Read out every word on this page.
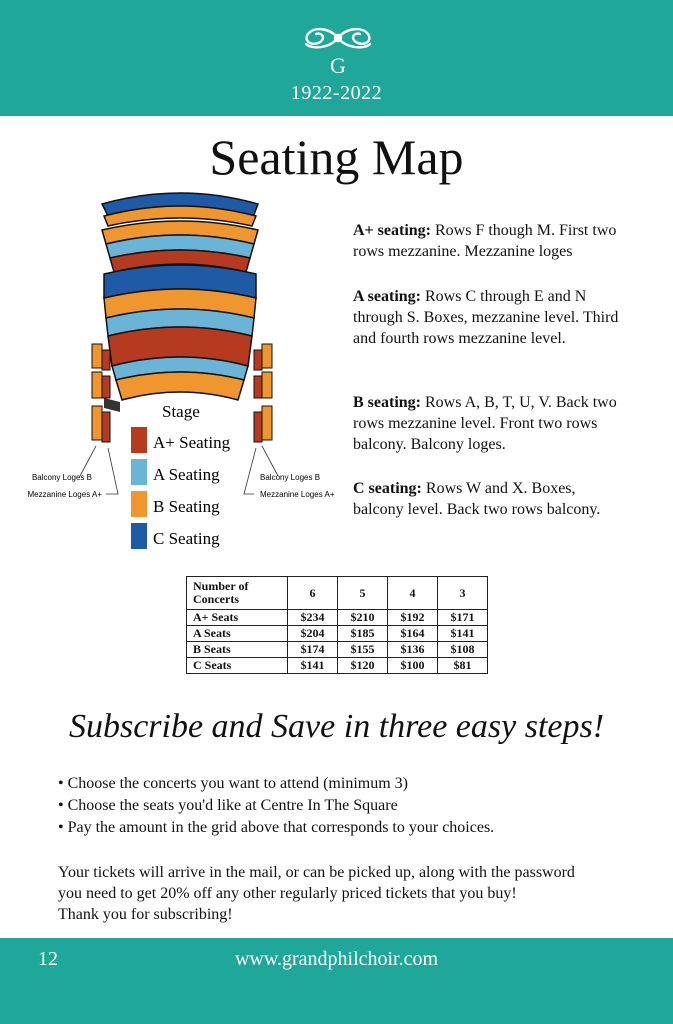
G
1922-2022
Seating Map
Balcony Loges B
Mezzanine Loges A+
Balcony Loges B
Mezzanine Loges A+
Stage
A+ Seating
A Seating
B Seating
C Seating
A+ seating: Rows F though M. First two rows mezzanine. Mezzanine loges
A seating: Rows C through E and N through S. Boxes, mezzanine level. Third and fourth rows mezzanine level.
B seating: Rows A, B, T, U, V. Back two rows mezzanine level. Front two rows balcony. Balcony loges.
C seating: Rows W and X. Boxes, balcony level. Back two rows balcony.
Number of
Concerts	6	5	4	3
A+ Seats	$234	$210	$192	$171
A Seats	$204	$185	$164	$141
B Seats	$174	$155	$136	$108
C Seats	$141	$120	$100	$81
Subscribe and Save in three easy steps!
• Choose the concerts you want to attend (minimum 3)
• Choose the seats you'd like at Centre In The Square
• Pay the amount in the grid above that corresponds to your choices.
Your tickets will arrive in the mail, or can be picked up, along with the password
you need to get 20% off any other regularly priced tickets that you buy!
Thank you for subscribing!
12	www.grandphilchoir.com
